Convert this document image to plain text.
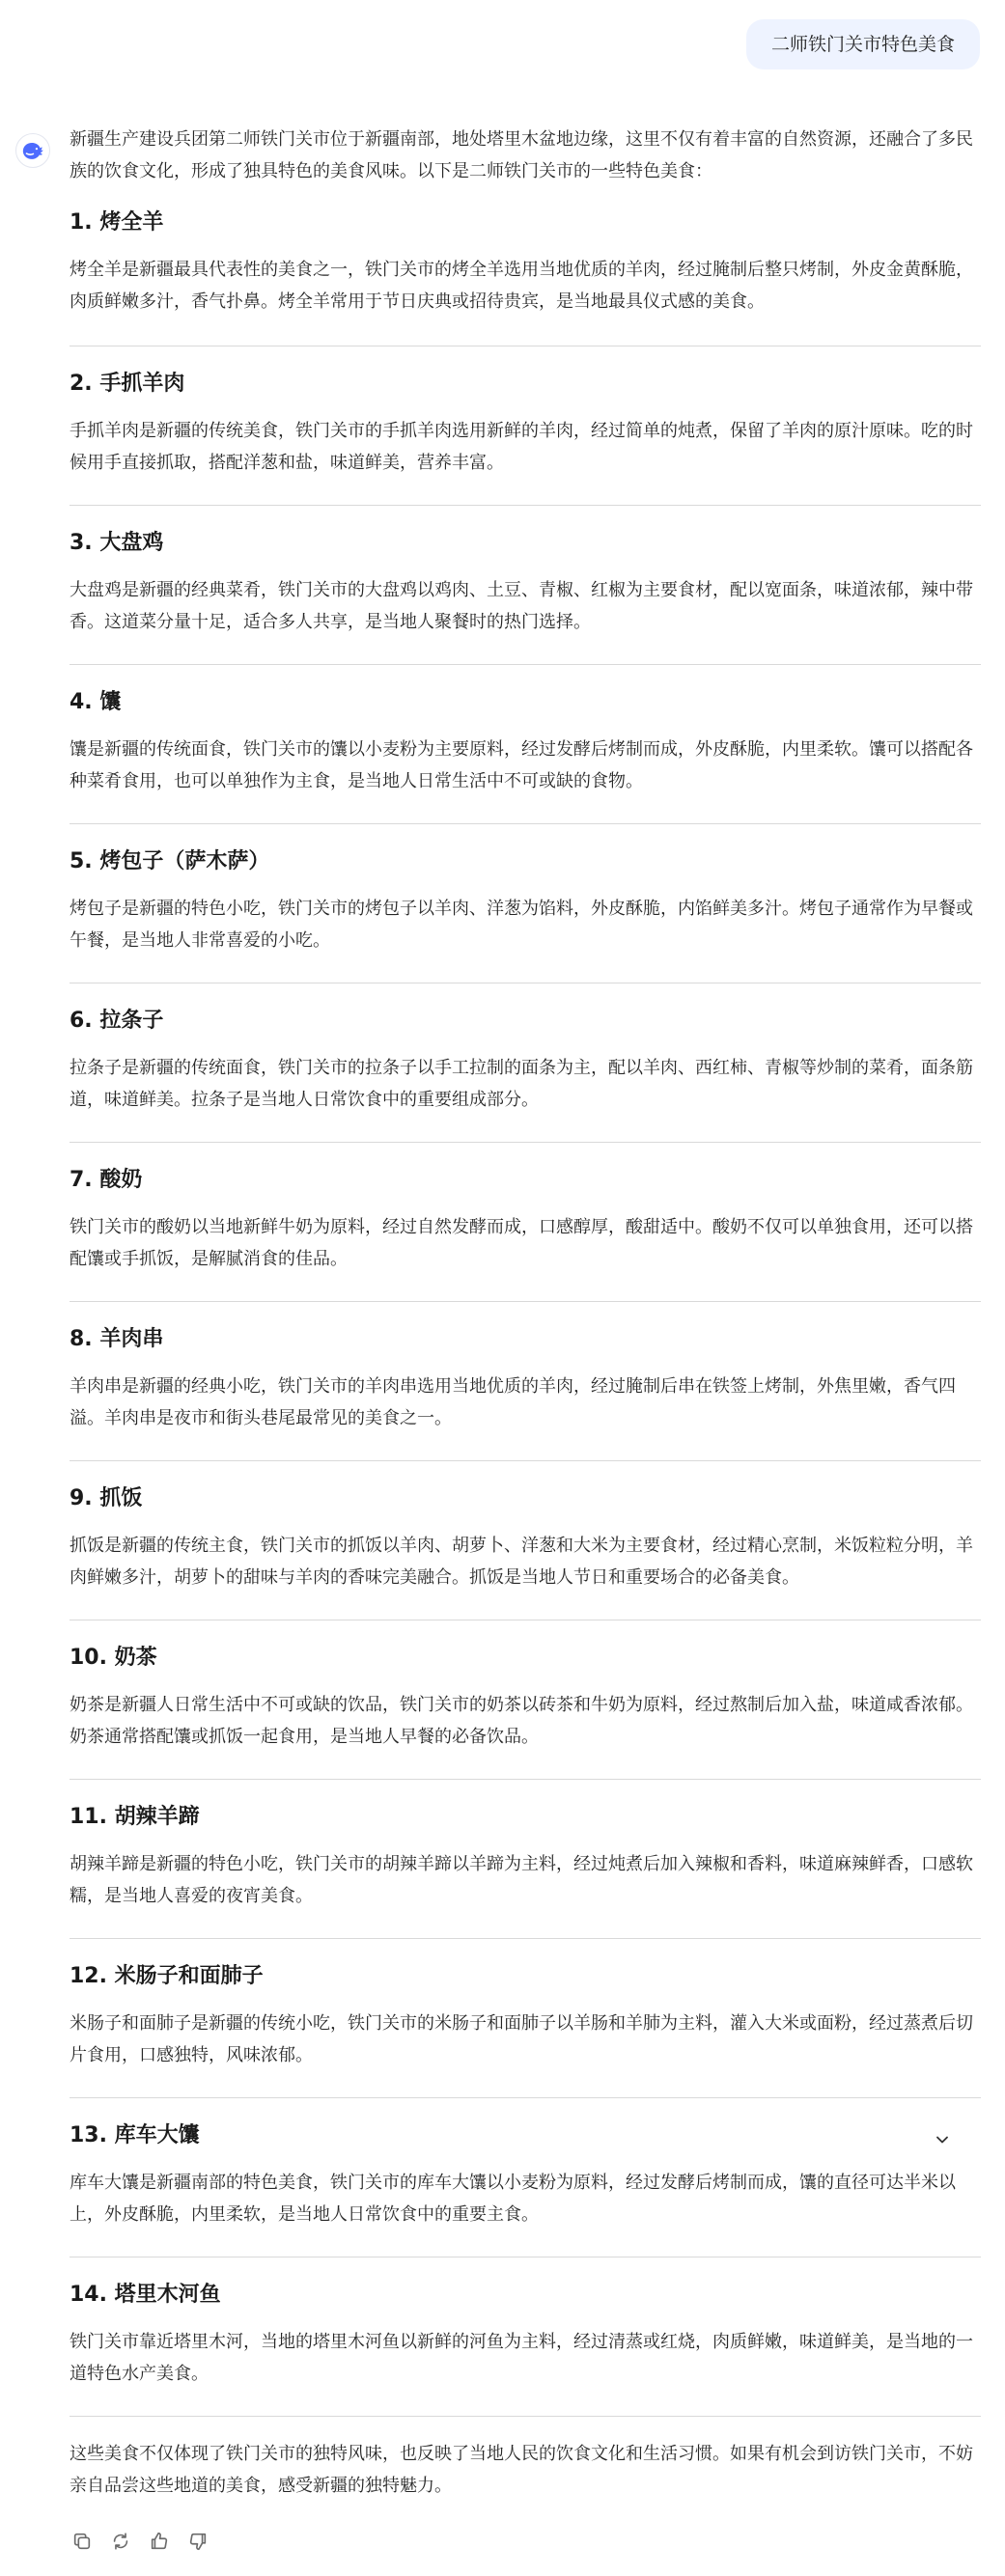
二师铁门关市特色美食

新疆生产建设兵团第二师铁门关市位于新疆南部，地处塔里木盆地边缘，这里不仅有着丰富的自然资源，还融合了多民族的饮食文化，形成了独具特色的美食风味。以下是二师铁门关市的一些特色美食：

1. 烤全羊

烤全羊是新疆最具代表性的美食之一，铁门关市的烤全羊选用当地优质的羊肉，经过腌制后整只烤制，外皮金黄酥脆，肉质鲜嫩多汁，香气扑鼻。烤全羊常用于节日庆典或招待贵宾，是当地最具仪式感的美食。

2. 手抓羊肉

手抓羊肉是新疆的传统美食，铁门关市的手抓羊肉选用新鲜的羊肉，经过简单的炖煮，保留了羊肉的原汁原味。吃的时候用手直接抓取，搭配洋葱和盐，味道鲜美，营养丰富。

3. 大盘鸡

大盘鸡是新疆的经典菜肴，铁门关市的大盘鸡以鸡肉、土豆、青椒、红椒为主要食材，配以宽面条，味道浓郁，辣中带香。这道菜分量十足，适合多人共享，是当地人聚餐时的热门选择。

4. 馕

馕是新疆的传统面食，铁门关市的馕以小麦粉为主要原料，经过发酵后烤制而成，外皮酥脆，内里柔软。馕可以搭配各种菜肴食用，也可以单独作为主食，是当地人日常生活中不可或缺的食物。

5. 烤包子（萨木萨）

烤包子是新疆的特色小吃，铁门关市的烤包子以羊肉、洋葱为馅料，外皮酥脆，内馅鲜美多汁。烤包子通常作为早餐或午餐，是当地人非常喜爱的小吃。

6. 拉条子

拉条子是新疆的传统面食，铁门关市的拉条子以手工拉制的面条为主，配以羊肉、西红柿、青椒等炒制的菜肴，面条筋道，味道鲜美。拉条子是当地人日常饮食中的重要组成部分。

7. 酸奶

铁门关市的酸奶以当地新鲜牛奶为原料，经过自然发酵而成，口感醇厚，酸甜适中。酸奶不仅可以单独食用，还可以搭配馕或手抓饭，是解腻消食的佳品。

8. 羊肉串

羊肉串是新疆的经典小吃，铁门关市的羊肉串选用当地优质的羊肉，经过腌制后串在铁签上烤制，外焦里嫩，香气四溢。羊肉串是夜市和街头巷尾最常见的美食之一。

9. 抓饭

抓饭是新疆的传统主食，铁门关市的抓饭以羊肉、胡萝卜、洋葱和大米为主要食材，经过精心烹制，米饭粒粒分明，羊肉鲜嫩多汁，胡萝卜的甜味与羊肉的香味完美融合。抓饭是当地人节日和重要场合的必备美食。

10. 奶茶

奶茶是新疆人日常生活中不可或缺的饮品，铁门关市的奶茶以砖茶和牛奶为原料，经过熬制后加入盐，味道咸香浓郁。奶茶通常搭配馕或抓饭一起食用，是当地人早餐的必备饮品。

11. 胡辣羊蹄

胡辣羊蹄是新疆的特色小吃，铁门关市的胡辣羊蹄以羊蹄为主料，经过炖煮后加入辣椒和香料，味道麻辣鲜香，口感软糯，是当地人喜爱的夜宵美食。

12. 米肠子和面肺子

米肠子和面肺子是新疆的传统小吃，铁门关市的米肠子和面肺子以羊肠和羊肺为主料，灌入大米或面粉，经过蒸煮后切片食用，口感独特，风味浓郁。

13. 库车大馕

库车大馕是新疆南部的特色美食，铁门关市的库车大馕以小麦粉为原料，经过发酵后烤制而成，馕的直径可达半米以上，外皮酥脆，内里柔软，是当地人日常饮食中的重要主食。

14. 塔里木河鱼

铁门关市靠近塔里木河，当地的塔里木河鱼以新鲜的河鱼为主料，经过清蒸或红烧，肉质鲜嫩，味道鲜美，是当地的一道特色水产美食。

这些美食不仅体现了铁门关市的独特风味，也反映了当地人民的饮食文化和生活习惯。如果有机会到访铁门关市，不妨亲自品尝这些地道的美食，感受新疆的独特魅力。
